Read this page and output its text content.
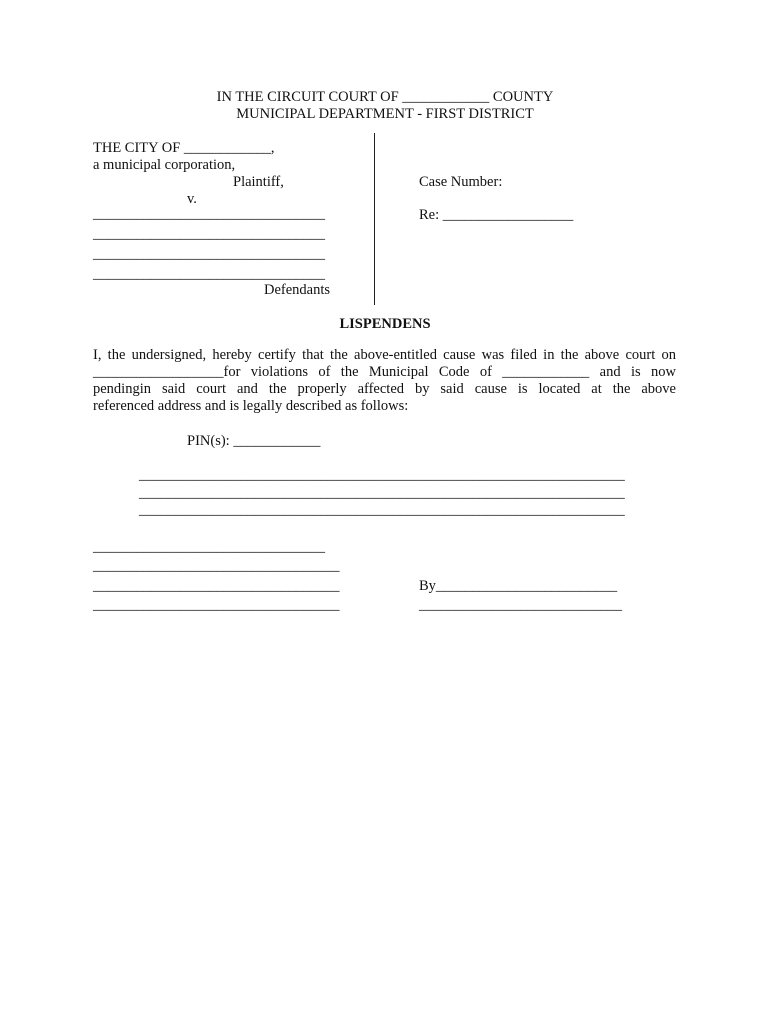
IN THE CIRCUIT COURT OF ____________ COUNTY
MUNICIPAL DEPARTMENT - FIRST DISTRICT
THE CITY OF ____________,
a municipal corporation,
Plaintiff,
v.
________________________________
________________________________
________________________________
________________________________
Defendants
Case Number:
Re: __________________
LISPENDENS
I, the undersigned, hereby certify that the above-entitled cause was filed in the above court on
__________________for violations of the Municipal Code of ____________ and is now
pendingin said court and the properly affected by said cause is located at the above
referenced address and is legally described as follows:
PIN(s): ____________
___________________________________________________________________
___________________________________________________________________
___________________________________________________________________
________________________________
__________________________________
__________________________________
__________________________________
By_________________________
____________________________
